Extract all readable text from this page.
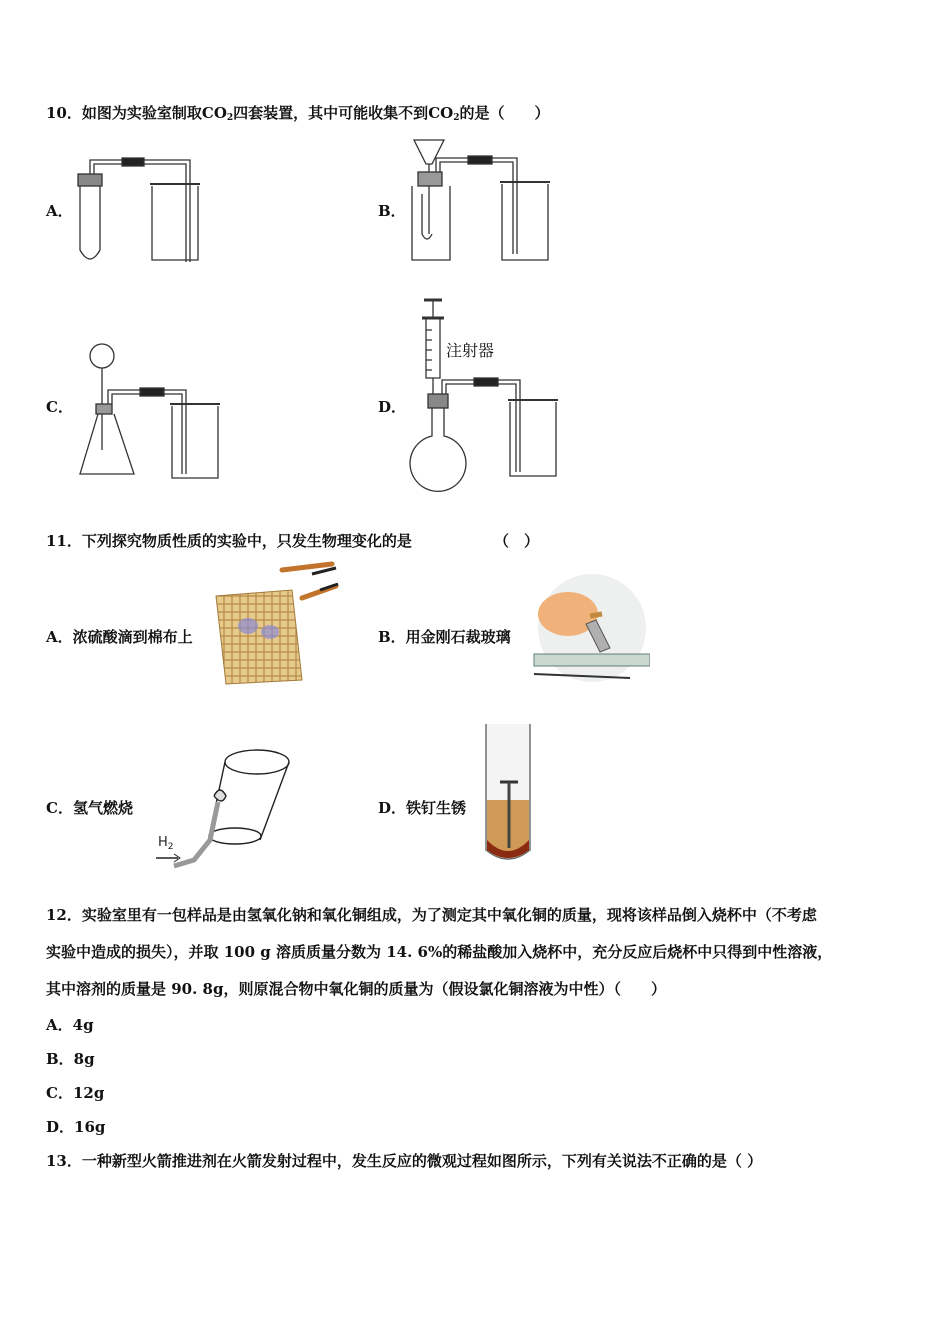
10．如图为实验室制取$CO_2$四套装置，其中可能收集不到$CO_2$的是（　　）
A．	B．
C．	D．
注射器
11．下列探究物质性质的实验中，只发生物理变化的是	（　）
A．浓硫酸滴到棉布上	B．用金刚石裁玻璃
C．氢气燃烧	D．铁钉生锈
$H_2$
12．实验室里有一包样品是由氢氧化钠和氧化铜组成，为了测定其中氧化铜的质量，现将该样品倒入烧杯中（不考虑
实验中造成的损失），并取 100 g 溶质质量分数为 14. 6%的稀盐酸加入烧杯中，充分反应后烧杯中只得到中性溶液，
其中溶剂的质量是 90. 8g，则原混合物中氧化铜的质量为（假设氯化铜溶液为中性）（　　）
A．4g
B．8g
C．12g
D．16g
13．一种新型火箭推进剂在火箭发射过程中，发生反应的微观过程如图所示，下列有关说法不正确的是（ ）
